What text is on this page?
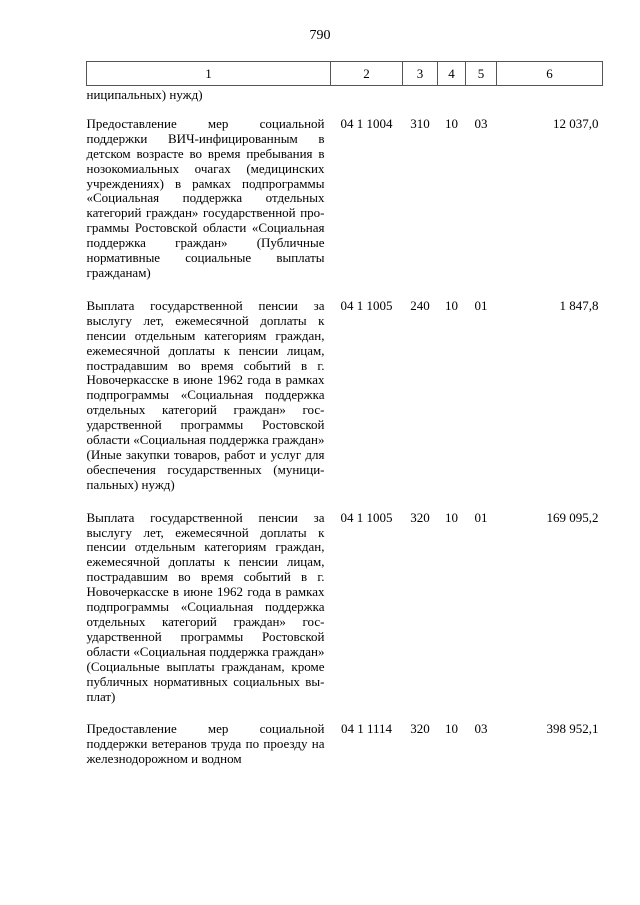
790
1	2	3	4	5	6
ниципальных) нужд)					
Предоставление мер социальной поддержки ВИЧ-инфицированным в детском возрасте во время пребывания в нозокомиальных очагах (медицинских учреждениях) в рамках подпрограммы «Социальная поддержка отдельных категорий граждан» государственной программы Ростовской области «Социальная поддержка граждан» (Публичные нормативные социальные выплаты гражданам)	04 1 1004	310	10	03	12 037,0
Выплата государственной пенсии за выслугу лет, ежемесячной доплаты к пенсии отдельным категориям граждан, ежемесячной доплаты к пенсии лицам, пострадавшим во время событий в г. Новочеркасске в июне 1962 года в рамках подпрограммы «Социальная поддержка отдельных категорий граждан» государственной программы Ростовской области «Социальная поддержка граждан» (Иные закупки товаров, работ и услуг для обеспечения государственных (муниципальных) нужд)	04 1 1005	240	10	01	1 847,8
Выплата государственной пенсии за выслугу лет, ежемесячной доплаты к пенсии отдельным категориям граждан, ежемесячной доплаты к пенсии лицам, пострадавшим во время событий в г. Новочеркасске в июне 1962 года в рамках подпрограммы «Социальная поддержка отдельных категорий граждан» государственной программы Ростовской области «Социальная поддержка граждан» (Социальные выплаты гражданам, кроме публичных нормативных социальных выплат)	04 1 1005	320	10	01	169 095,2
Предоставление мер социальной поддержки ветеранов труда по проезду на железнодорожном и водном	04 1 1114	320	10	03	398 952,1
